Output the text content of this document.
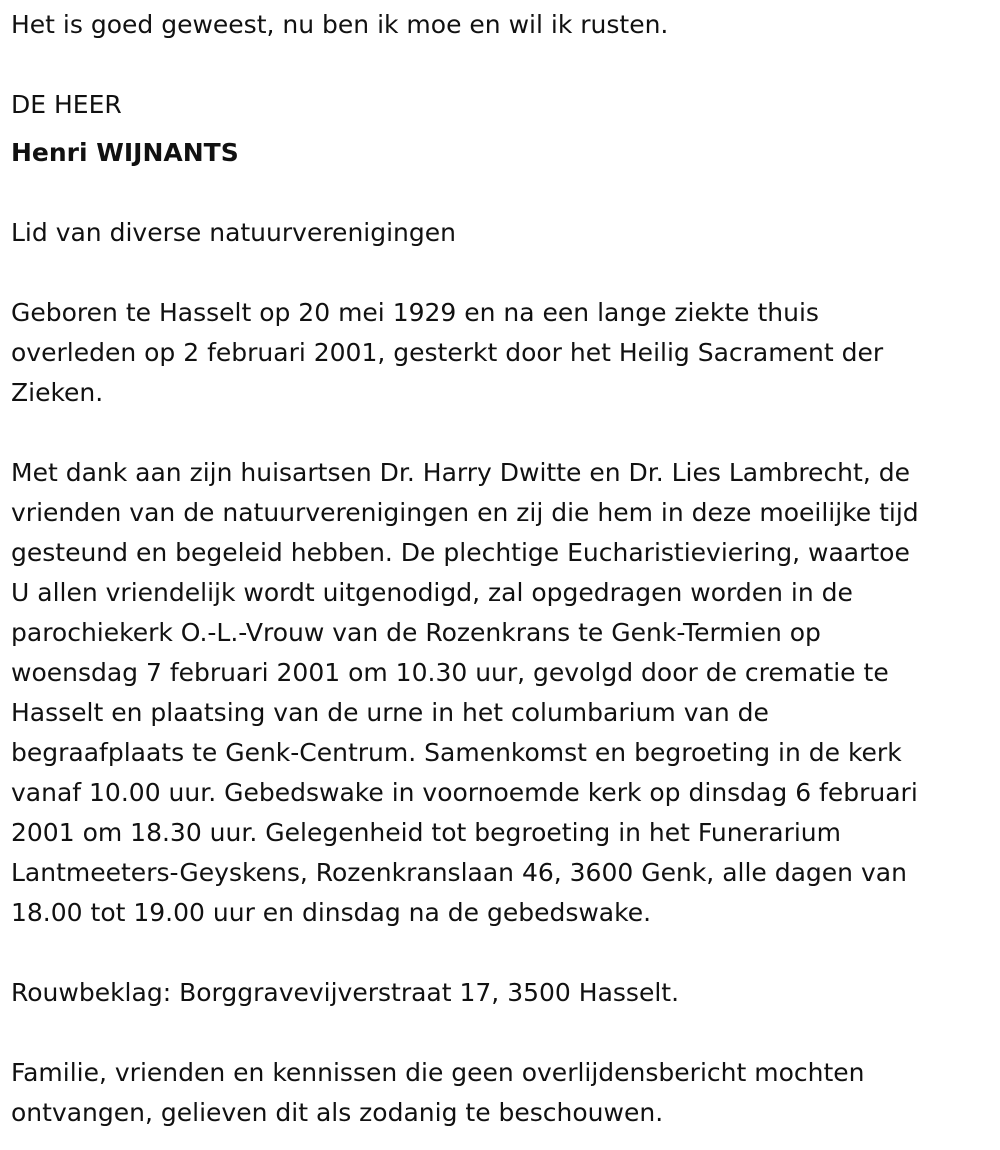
Het is goed geweest, nu ben ik moe en wil ik rusten.
DE HEER
Henri WIJNANTS
Lid van diverse natuurverenigingen
Geboren te Hasselt op 20 mei 1929 en na een lange ziekte thuis
overleden op 2 februari 2001, gesterkt door het Heilig Sacrament der
Zieken.
Met dank aan zijn huisartsen Dr. Harry Dwitte en Dr. Lies Lambrecht, de
vrienden van de natuurverenigingen en zij die hem in deze moeilijke tijd
gesteund en begeleid hebben. De plechtige Eucharistieviering, waartoe
U allen vriendelijk wordt uitgenodigd, zal opgedragen worden in de
parochiekerk O.-L.-Vrouw van de Rozenkrans te Genk-Termien op
woensdag 7 februari 2001 om 10.30 uur, gevolgd door de crematie te
Hasselt en plaatsing van de urne in het columbarium van de
begraafplaats te Genk-Centrum. Samenkomst en begroeting in de kerk
vanaf 10.00 uur. Gebedswake in voornoemde kerk op dinsdag 6 februari
2001 om 18.30 uur. Gelegenheid tot begroeting in het Funerarium
Lantmeeters-Geyskens, Rozenkranslaan 46, 3600 Genk, alle dagen van
18.00 tot 19.00 uur en dinsdag na de gebedswake.
Rouwbeklag: Borggravevijverstraat 17, 3500 Hasselt.
Familie, vrienden en kennissen die geen overlijdensbericht mochten
ontvangen, gelieven dit als zodanig te beschouwen.
